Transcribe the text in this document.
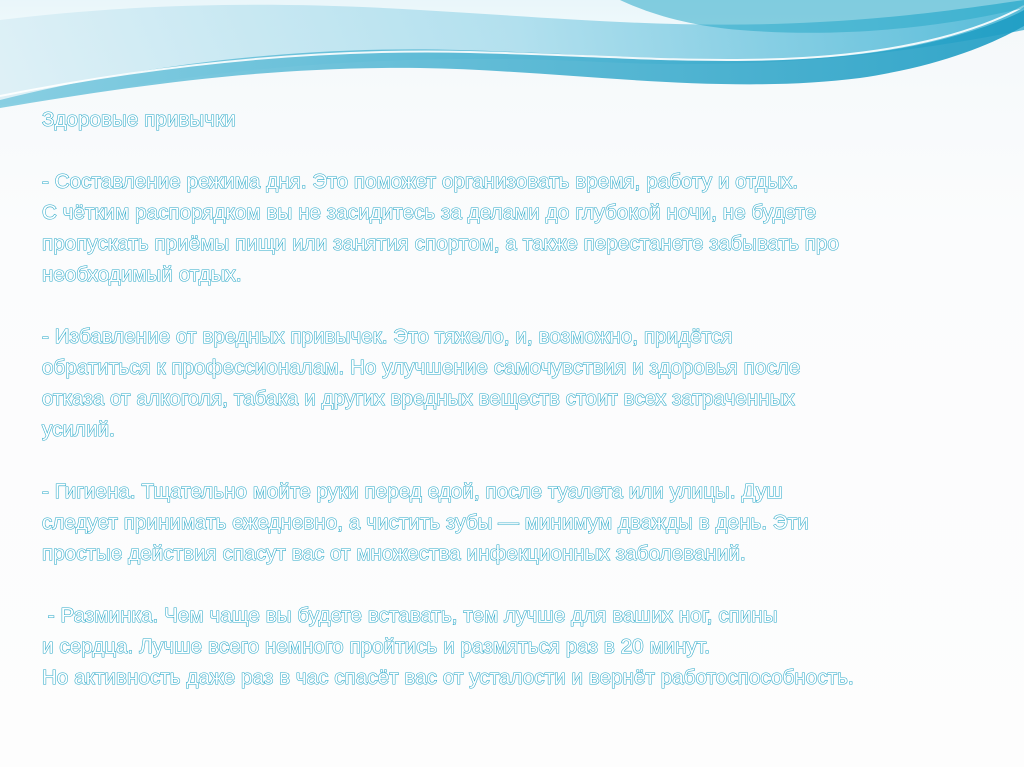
Здоровые привычки

- Составление режима дня. Это поможет организовать время, работу и отдых.

С чётким распорядком вы не засидитесь за делами до глубокой ночи, не будете

пропускать приёмы пищи или занятия спортом, а также перестанете забывать про

необходимый отдых.

- Избавление от вредных привычек. Это тяжело, и, возможно, придётся

обратиться к профессионалам. Но улучшение самочувствия и здоровья после

отказа от алкоголя, табака и других вредных веществ стоит всех затраченных

усилий.

- Гигиена. Тщательно мойте руки перед едой, после туалета или улицы. Душ

следует принимать ежедневно, а чистить зубы — минимум дважды в день. Эти

простые действия спасут вас от множества инфекционных заболеваний.

- Разминка. Чем чаще вы будете вставать, тем лучше для ваших ног, спины

и сердца. Лучше всего немного пройтись и размяться раз в 20 минут.

Но активность даже раз в час спасёт вас от усталости и вернёт работоспособность.
